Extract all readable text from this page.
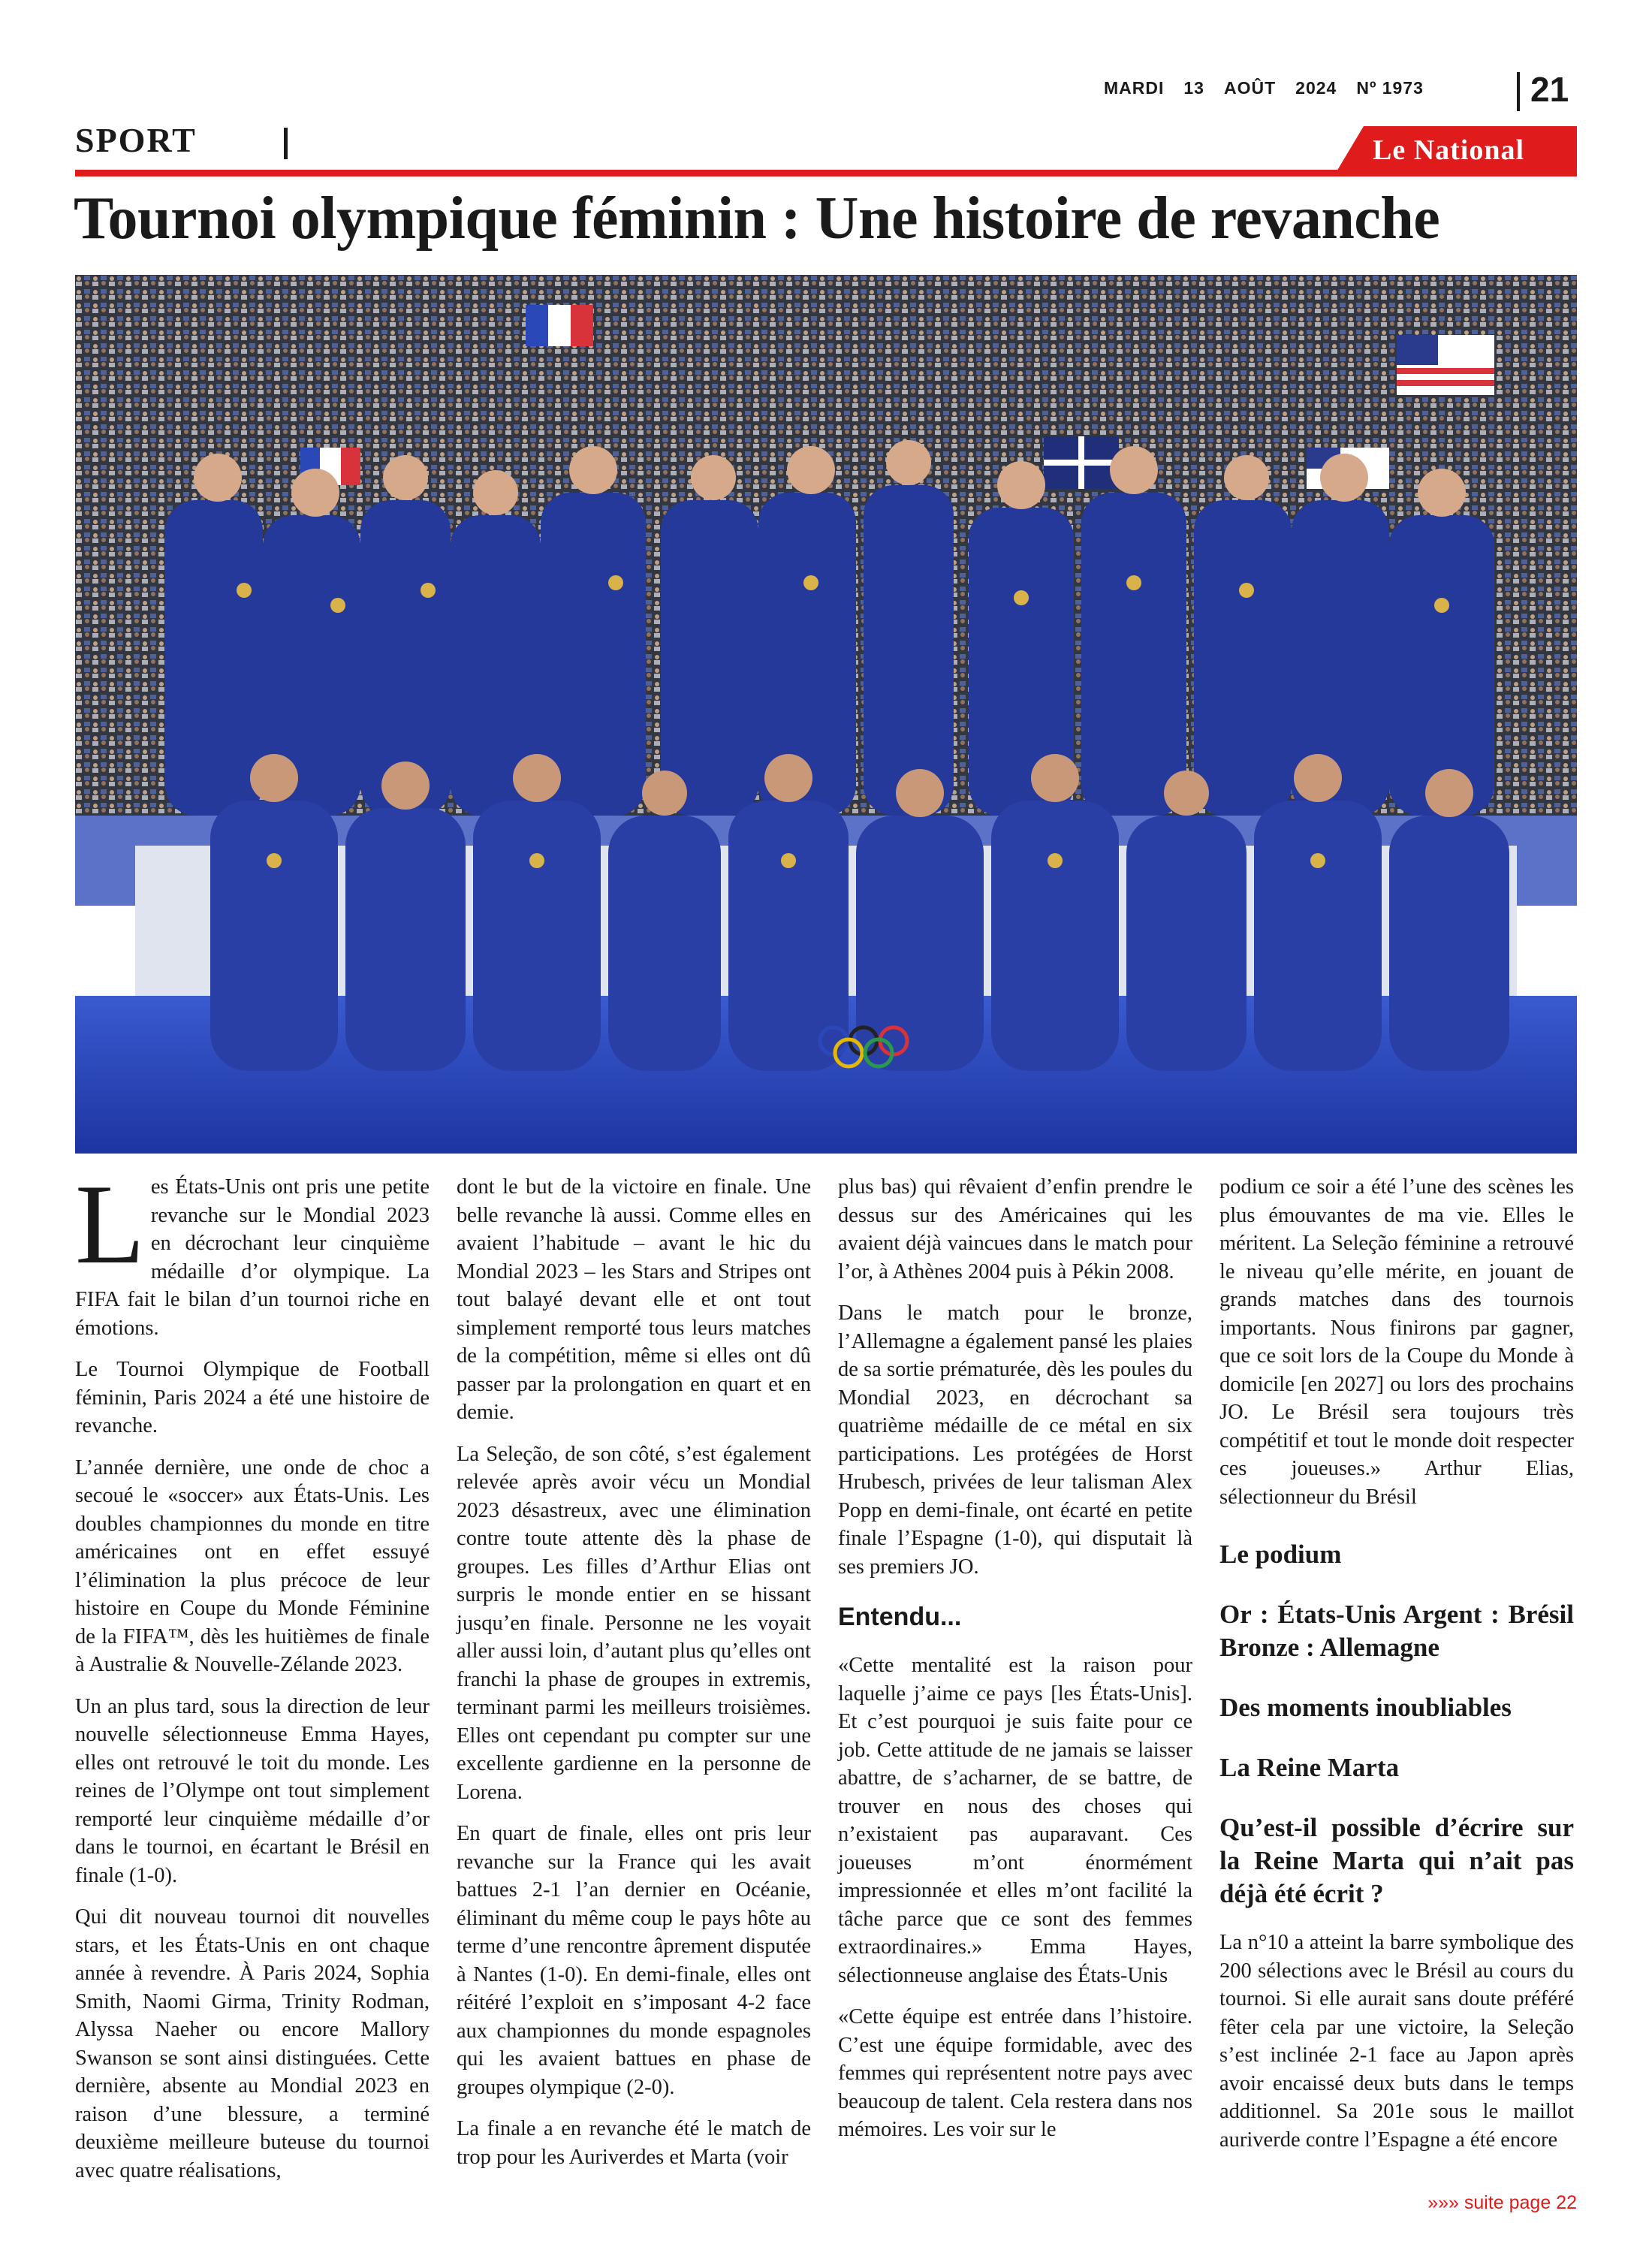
MARDI 13 AOÛT 2024 Nº 1973	21
SPORT	Le National
Tournoi olympique féminin : Une histoire de revanche

Les États-Unis ont pris une petite revanche sur le Mondial 2023 en décrochant leur cinquième médaille d’or olympique. La FIFA fait le bilan d’un tournoi riche en émotions.

Le Tournoi Olympique de Football féminin, Paris 2024 a été une histoire de revanche.

L’année dernière, une onde de choc a secoué le «soccer» aux États-Unis. Les doubles championnes du monde en titre américaines ont en effet essuyé l’élimination la plus précoce de leur histoire en Coupe du Monde Féminine de la FIFA™, dès les huitièmes de finale à Australie & Nouvelle-Zélande 2023.

Un an plus tard, sous la direction de leur nouvelle sélectionneuse Emma Hayes, elles ont retrouvé le toit du monde. Les reines de l’Olympe ont tout simplement remporté leur cinquième médaille d’or dans le tournoi, en écartant le Brésil en finale (1-0).

Qui dit nouveau tournoi dit nouvelles stars, et les États-Unis en ont chaque année à revendre. À Paris 2024, Sophia Smith, Naomi Girma, Trinity Rodman, Alyssa Naeher ou encore Mallory Swanson se sont ainsi distinguées. Cette dernière, absente au Mondial 2023 en raison d’une blessure, a terminé deuxième meilleure buteuse du tournoi avec quatre réalisations,

dont le but de la victoire en finale. Une belle revanche là aussi. Comme elles en avaient l’habitude – avant le hic du Mondial 2023 – les Stars and Stripes ont tout balayé devant elle et ont tout simplement remporté tous leurs matches de la compétition, même si elles ont dû passer par la prolongation en quart et en demie.

La Seleção, de son côté, s’est également relevée après avoir vécu un Mondial 2023 désastreux, avec une élimination contre toute attente dès la phase de groupes. Les filles d’Arthur Elias ont surpris le monde entier en se hissant jusqu’en finale. Personne ne les voyait aller aussi loin, d’autant plus qu’elles ont franchi la phase de groupes in extremis, terminant parmi les meilleurs troisièmes. Elles ont cependant pu compter sur une excellente gardienne en la personne de Lorena.

En quart de finale, elles ont pris leur revanche sur la France qui les avait battues 2-1 l’an dernier en Océanie, éliminant du même coup le pays hôte au terme d’une rencontre âprement disputée à Nantes (1-0). En demi-finale, elles ont réitéré l’exploit en s’imposant 4-2 face aux championnes du monde espagnoles qui les avaient battues en phase de groupes olympique (2-0).

La finale a en revanche été le match de trop pour les Auriverdes et Marta (voir

plus bas) qui rêvaient d’enfin prendre le dessus sur des Américaines qui les avaient déjà vaincues dans le match pour l’or, à Athènes 2004 puis à Pékin 2008.

Dans le match pour le bronze, l’Allemagne a également pansé les plaies de sa sortie prématurée, dès les poules du Mondial 2023, en décrochant sa quatrième médaille de ce métal en six participations. Les protégées de Horst Hrubesch, privées de leur talisman Alex Popp en demi-finale, ont écarté en petite finale l’Espagne (1-0), qui disputait là ses premiers JO.

Entendu...

«Cette mentalité est la raison pour laquelle j’aime ce pays [les États-Unis]. Et c’est pourquoi je suis faite pour ce job. Cette attitude de ne jamais se laisser abattre, de s’acharner, de se battre, de trouver en nous des choses qui n’existaient pas auparavant. Ces joueuses m’ont énormément impressionnée et elles m’ont facilité la tâche parce que ce sont des femmes extraordinaires.» Emma Hayes, sélectionneuse anglaise des États-Unis

«Cette équipe est entrée dans l’histoire. C’est une équipe formidable, avec des femmes qui représentent notre pays avec beaucoup de talent. Cela restera dans nos mémoires. Les voir sur le

podium ce soir a été l’une des scènes les plus émouvantes de ma vie. Elles le méritent. La Seleção féminine a retrouvé le niveau qu’elle mérite, en jouant de grands matches dans des tournois importants. Nous finirons par gagner, que ce soit lors de la Coupe du Monde à domicile [en 2027] ou lors des prochains JO. Le Brésil sera toujours très compétitif et tout le monde doit respecter ces joueuses.» Arthur Elias, sélectionneur du Brésil

Le podium
Or : États-Unis Argent : Brésil Bronze : Allemagne
Des moments inoubliables
La Reine Marta
Qu’est-il possible d’écrire sur la Reine Marta qui n’ait pas déjà été écrit ?

La n°10 a atteint la barre symbolique des 200 sélections avec le Brésil au cours du tournoi. Si elle aurait sans doute préféré fêter cela par une victoire, la Seleção s’est inclinée 2-1 face au Japon après avoir encaissé deux buts dans le temps additionnel. Sa 201e sous le maillot auriverde contre l’Espagne a été encore

»»» suite page 22
